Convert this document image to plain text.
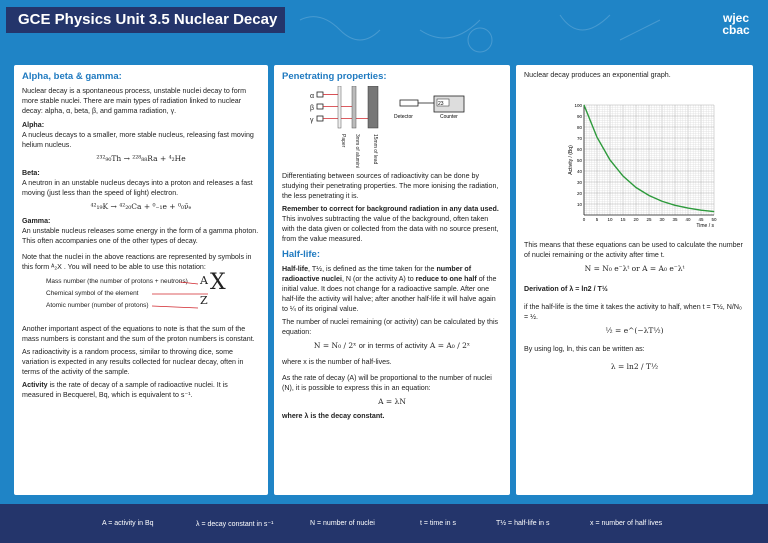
GCE Physics Unit 3.5 Nuclear Decay	wjec
cbac
Alpha, beta & gamma:

Nuclear decay is a spontaneous process, unstable nuclei decay to form more stable nuclei. There are main types of radiation linked to nuclear decay: alpha, α, beta, β, and gamma radiation, γ.

Alpha:

A nucleus decays to a smaller, more stable nucleus, releasing fast moving helium nucleus.

²³²₉₀Th → ²²⁸₈₈Ra + ⁴₂He
Beta:

A neutron in an unstable nucleus decays into a proton and releases a fast moving (just less than the speed of light) electron.

⁴²₁₉K → ⁴²₂₀Ca + ⁰₋₁e + ⁰₀ν̄ₑ
Gamma:

An unstable nucleus releases some energy in the form of a gamma photon. This often accompanies one of the other types of decay.

Note that the nuclei in the above reactions are represented by symbols in this form ᴬ₂X . You will need to be able to use this notation:

Mass number (the number of protons + neutrons)
Chemical symbol of the element
Atomic number (number of protons)
A X
Z

Another important aspect of the equations to note is that the sum of the mass numbers is constant and the sum of the proton numbers is constant.

As radioactivity is a random process, similar to throwing dice, some variation is expected in any results collected for nuclear decay, often in terms of the activity of the sample.

Activity is the rate of decay of a sample of radioactive nuclei. It is measured in Becquerel, Bq, which is equivalent to s⁻¹.

Penetrating properties:
α
β
γ
Paper 3mm of aluminium 15mm of lead
23
Detector	Counter

Differentiating between sources of radioactivity can be done by studying their penetrating properties. The more ionising the radiation, the less penetrating it is.

Remember to correct for background radiation in any data used. This involves subtracting the value of the background, often taken with the data given or collected from the data with no source present, from the value measured.

Half-life:

Half-life, T½, is defined as the time taken for the number of radioactive nuclei, N (or the activity A) to reduce to one half of the initial value. It does not change for a radioactive sample. After one half-life the activity will halve; after another half-life it will halve again to ¼ of its original value.

The number of nuclei remaining (or activity) can be calculated by this equation:

N = N₀ / 2ˣ or in terms of activity A = A₀ / 2ˣ

where x is the number of half-lives.

As the rate of decay (A) will be proportional to the number of nuclei (N), it is possible to express this in an equation:

A = λN

where λ is the decay constant.

Nuclear decay produces an exponential graph.

10
20
30
40
50
60
70
80
90
100
0 5 10 15 20 25 30 35 40 45 50
Activity / (Bq)
Time / s

This means that these equations can be used to calculate the number of nuclei remaining or the activity after time t.

N = N₀ e⁻λᵗ or A = A₀ e⁻λᵗ

Derivation of λ = ln2 / T½

if the half-life is the time it takes the activity to half, when t = T½, N/N₀ = ½.

½ = e^(−λT½)

By using log, ln, this can be written as:

λ = ln2 / T½
A = activity in Bq	λ = decay constant in s⁻¹	N = number of nuclei	t = time in s	T½ = half-life in s	x = number of half lives
